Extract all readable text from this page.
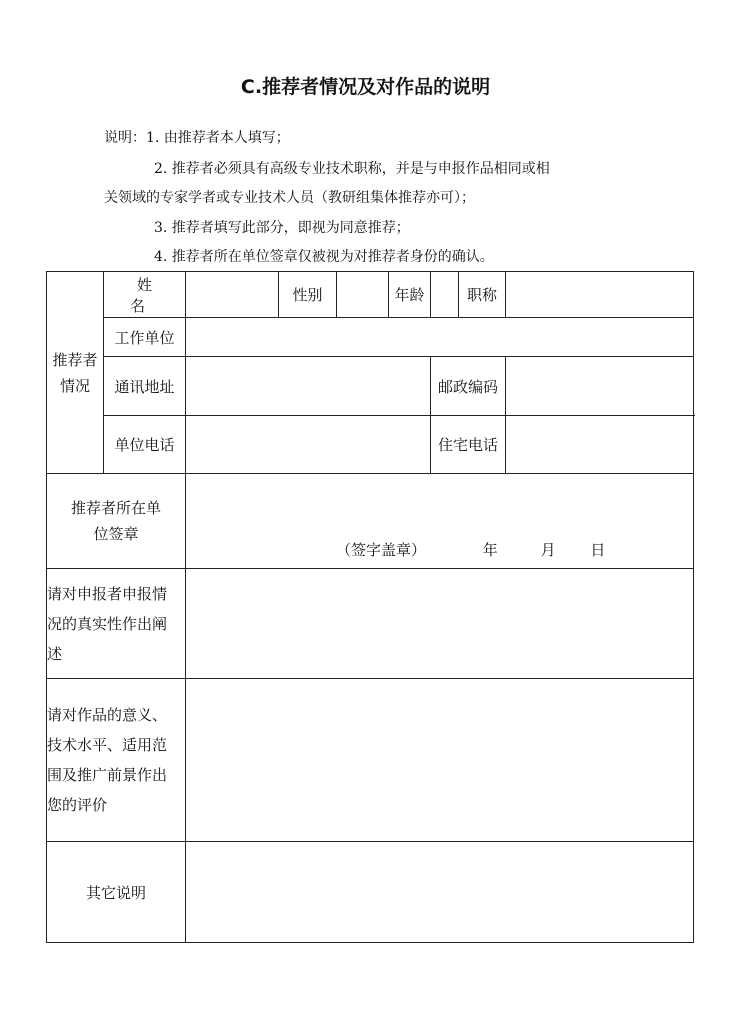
C.推荐者情况及对作品的说明
说明：1. 由推荐者本人填写；
2. 推荐者必须具有高级专业技术职称，并是与申报作品相同或相
关领域的专家学者或专业技术人员（教研组集体推荐亦可）；
3. 推荐者填写此部分，即视为同意推荐；
4. 推荐者所在单位签章仅被视为对推荐者身份的确认。
推荐者情况	姓 名		性别		年龄		职称	
	工作单位							
	通讯地址					邮政编码		
	单位电话					住宅电话		

推荐者所在单位签章		（签字盖章） 年 月 日						

请对申报者申报情况的真实性作出阐述								

请对作品的意义、技术水平、适用范围及推广前景作出您的评价								

其它说明								
